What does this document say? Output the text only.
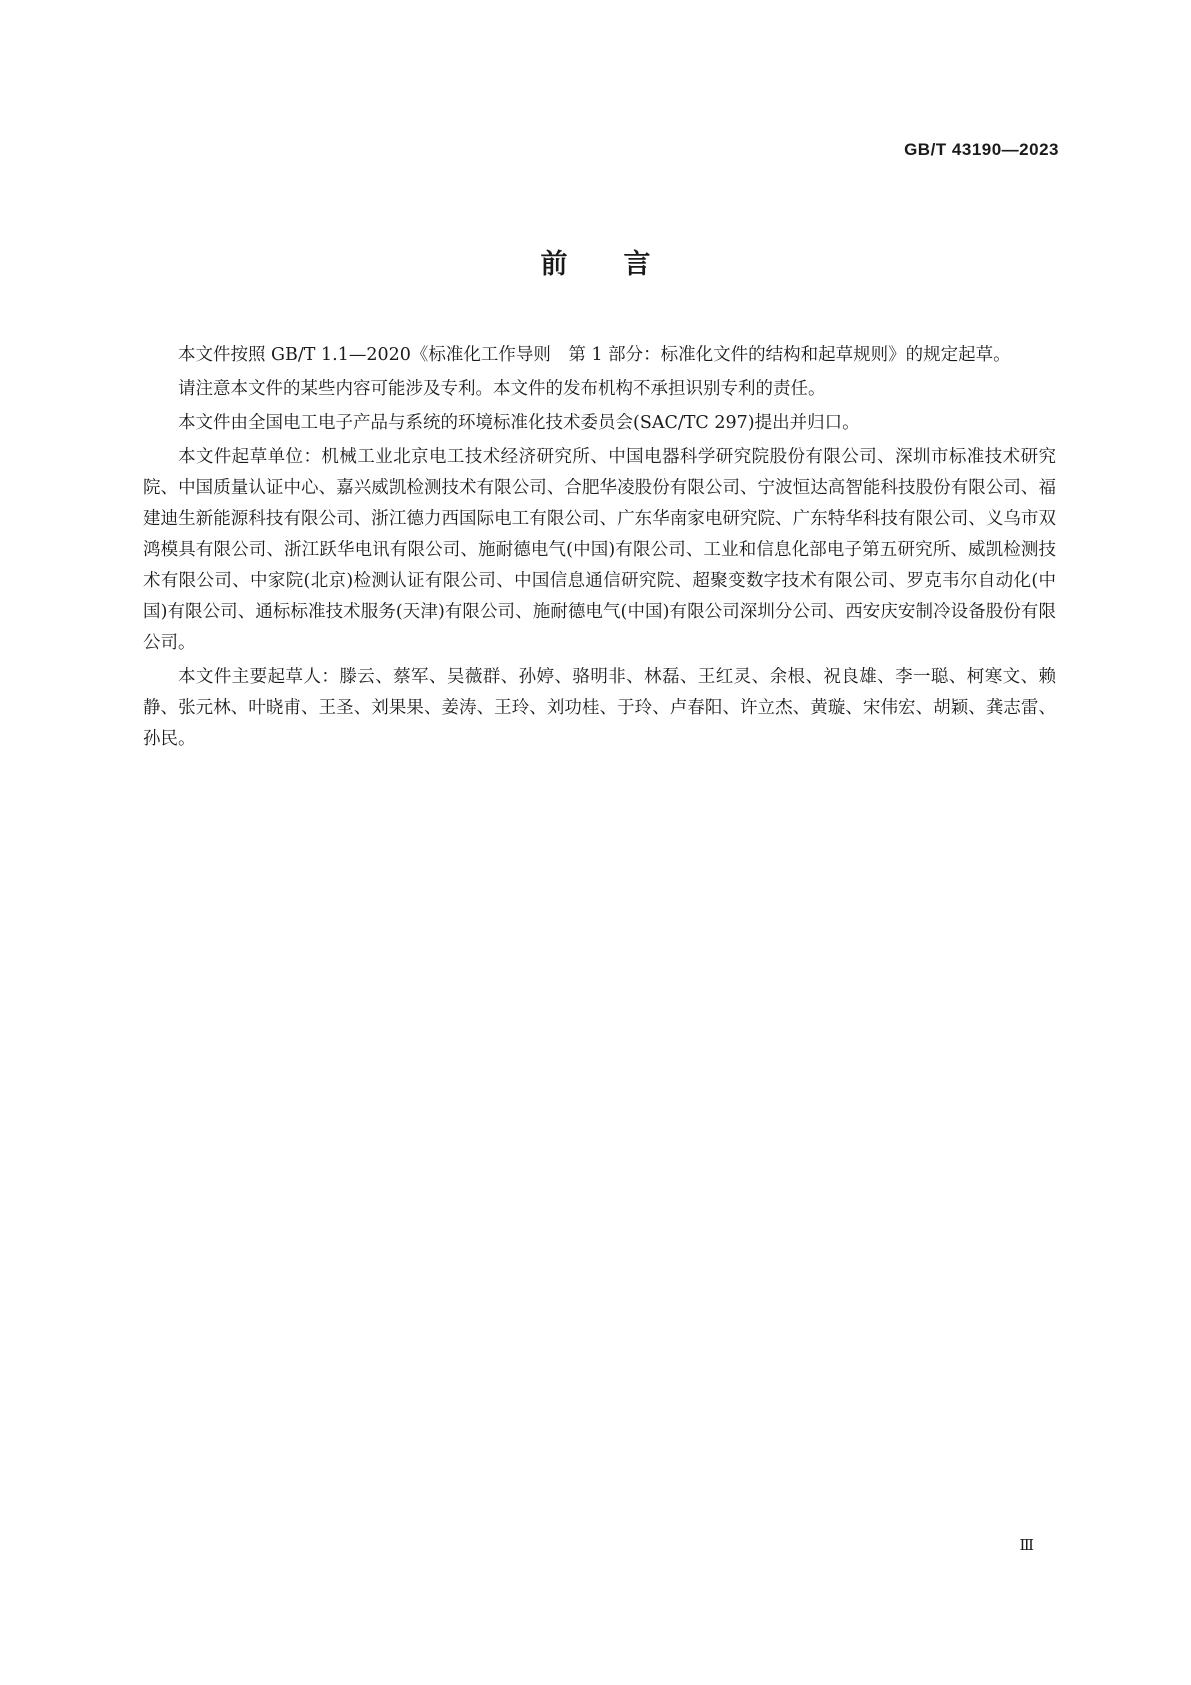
GB/T 43190—2023

前言

本文件按照 GB/T 1.1—2020《标准化工作导则　第 1 部分：标准化文件的结构和起草规则》的规定起草。

请注意本文件的某些内容可能涉及专利。本文件的发布机构不承担识别专利的责任。

本文件由全国电工电子产品与系统的环境标准化技术委员会(SAC/TC 297)提出并归口。

本文件起草单位：机械工业北京电工技术经济研究所、中国电器科学研究院股份有限公司、深圳市标准技术研究院、中国质量认证中心、嘉兴威凯检测技术有限公司、合肥华凌股份有限公司、宁波恒达高智能科技股份有限公司、福建迪生新能源科技有限公司、浙江德力西国际电工有限公司、广东华南家电研究院、广东特华科技有限公司、义乌市双鸿模具有限公司、浙江跃华电讯有限公司、施耐德电气(中国)有限公司、工业和信息化部电子第五研究所、威凯检测技术有限公司、中家院(北京)检测认证有限公司、中国信息通信研究院、超聚变数字技术有限公司、罗克韦尔自动化(中国)有限公司、通标标准技术服务(天津)有限公司、施耐德电气(中国)有限公司深圳分公司、西安庆安制冷设备股份有限公司。

本文件主要起草人：滕云、蔡军、吴薇群、孙婷、骆明非、林磊、王红灵、余根、祝良雄、李一聪、柯寒文、赖静、张元林、叶晓甫、王圣、刘果果、姜涛、王玲、刘功桂、于玲、卢春阳、许立杰、黄璇、宋伟宏、胡颖、龚志雷、孙民。

Ⅲ
